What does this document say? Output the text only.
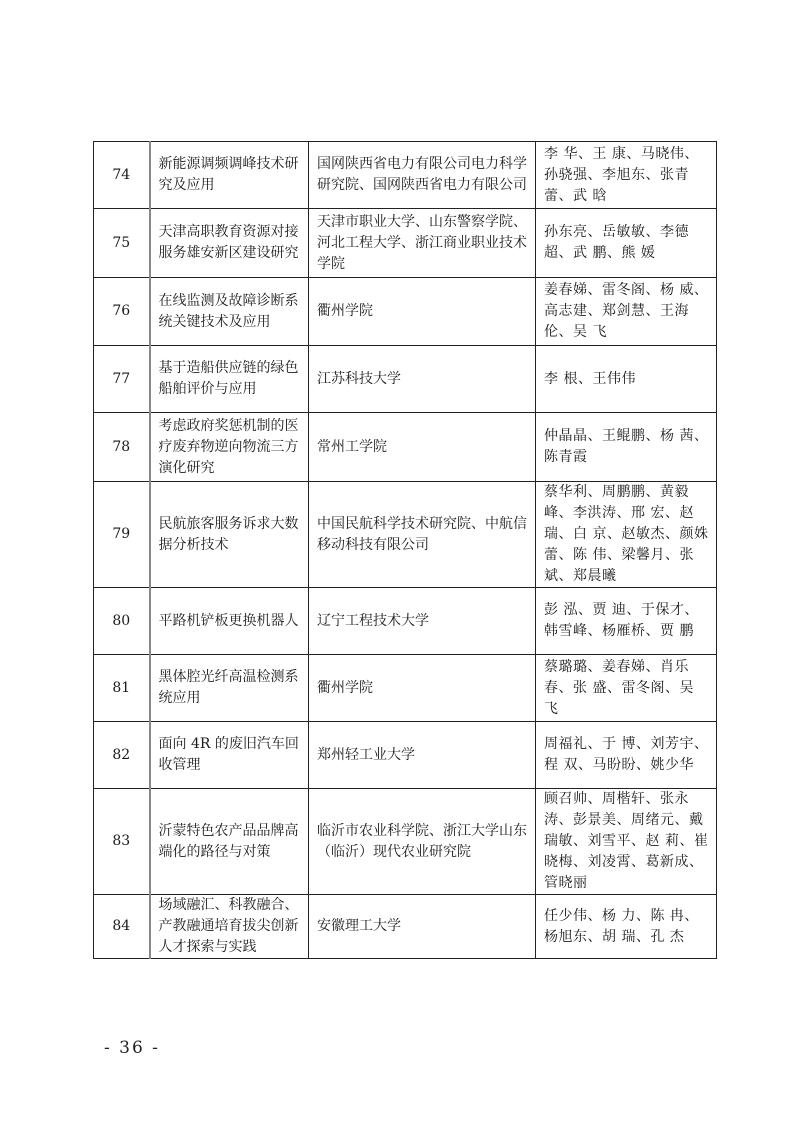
74	新能源调频调峰技术研究及应用	国网陕西省电力有限公司电力科学研究院、国网陕西省电力有限公司	李 华、王 康、马晓伟、孙骁强、李旭东、张青蕾、武 晗
75	天津高职教育资源对接服务雄安新区建设研究	天津市职业大学、山东警察学院、河北工程大学、浙江商业职业技术学院	孙东亮、岳敏敏、李德超、武 鹏、熊 媛
76	在线监测及故障诊断系统关键技术及应用	衢州学院	姜春娣、雷冬阁、杨 威、高志建、郑剑慧、王海伦、吴 飞
77	基于造船供应链的绿色船舶评价与应用	江苏科技大学	李 根、王伟伟
78	考虑政府奖惩机制的医疗废弃物逆向物流三方演化研究	常州工学院	仲晶晶、王鲲鹏、杨 茜、陈青霞
79	民航旅客服务诉求大数据分析技术	中国民航科学技术研究院、中航信移动科技有限公司	蔡华利、周鹏鹏、黄毅峰、李洪涛、邢 宏、赵 瑞、白 京、赵敏杰、颜姝蕾、陈 伟、梁馨月、张 斌、郑晨曦
80	平路机铲板更换机器人	辽宁工程技术大学	彭 泓、贾 迪、于保才、韩雪峰、杨雁桥、贾 鹏
81	黑体腔光纤高温检测系统应用	衢州学院	蔡璐璐、姜春娣、肖乐春、张 盛、雷冬阁、吴 飞
82	面向 4R 的废旧汽车回收管理	郑州轻工业大学	周福礼、于 博、刘芳宇、程 双、马盼盼、姚少华
83	沂蒙特色农产品品牌高端化的路径与对策	临沂市农业科学院、浙江大学山东（临沂）现代农业研究院	顾召帅、周楷轩、张永涛、彭景美、周绪元、戴瑞敏、刘雪平、赵 莉、崔晓梅、刘凌霄、葛新成、管晓丽
84	场域融汇、科教融合、产教融通培育拔尖创新人才探索与实践	安徽理工大学	任少伟、杨 力、陈 冉、杨旭东、胡 瑞、孔 杰
- 36 -
